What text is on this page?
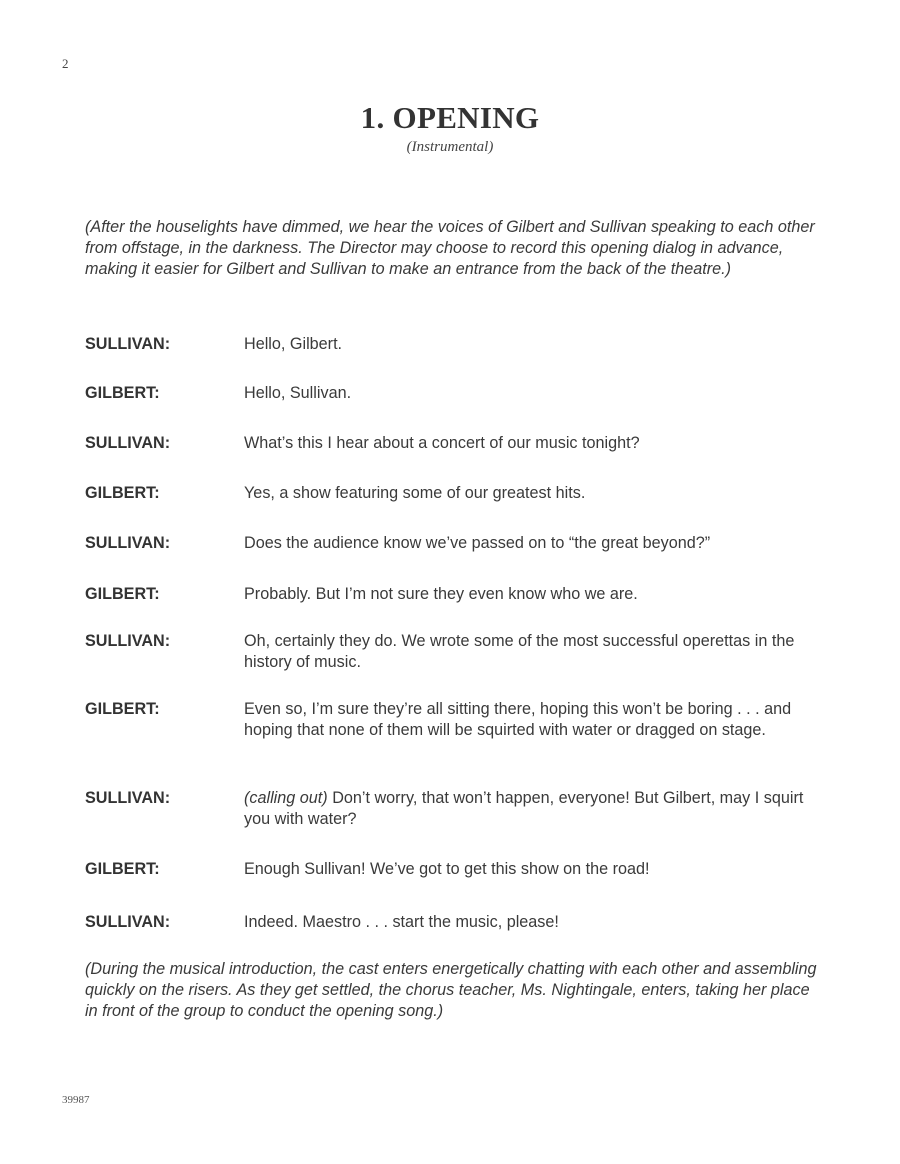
2
1. OPENING
(Instrumental)
(After the houselights have dimmed, we hear the voices of Gilbert and Sullivan speaking to each other from offstage, in the darkness. The Director may choose to record this opening dialog in advance, making it easier for Gilbert and Sullivan to make an entrance from the back of the theatre.)
SULLIVAN:	Hello, Gilbert.
GILBERT:	Hello, Sullivan.
SULLIVAN:	What’s this I hear about a concert of our music tonight?
GILBERT:	Yes, a show featuring some of our greatest hits.
SULLIVAN:	Does the audience know we’ve passed on to “the great beyond?”
GILBERT:	Probably. But I’m not sure they even know who we are.
SULLIVAN:	Oh, certainly they do. We wrote some of the most successful operettas in the history of music.
GILBERT:	Even so, I’m sure they’re all sitting there, hoping this won’t be boring . . . and hoping that none of them will be squirted with water or dragged on stage.
SULLIVAN:	(calling out) Don’t worry, that won’t happen, everyone! But Gilbert, may I squirt you with water?
GILBERT:	Enough Sullivan! We’ve got to get this show on the road!
SULLIVAN:	Indeed. Maestro . . . start the music, please!
(During the musical introduction, the cast enters energetically chatting with each other and assembling quickly on the risers. As they get settled, the chorus teacher, Ms. Nightingale, enters, taking her place in front of the group to conduct the opening song.)
39987
